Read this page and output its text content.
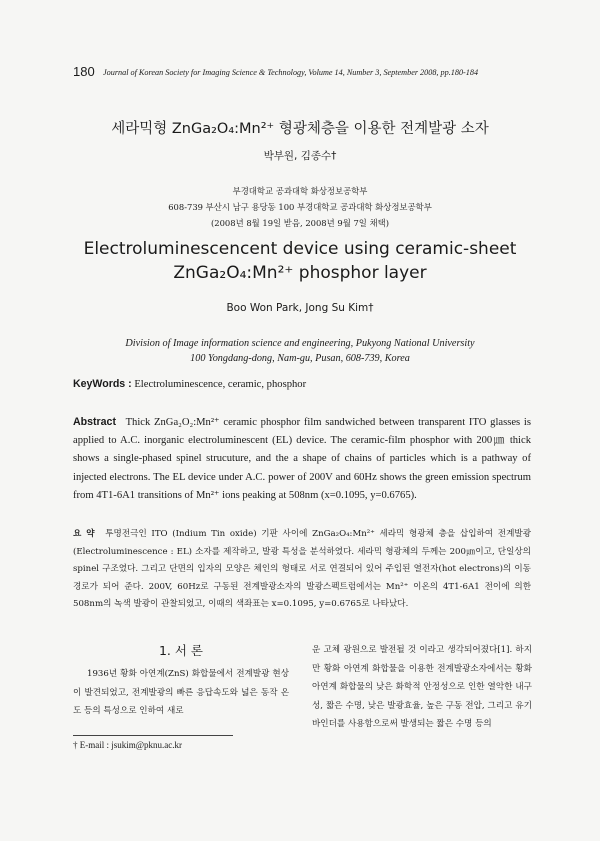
180 Journal of Korean Society for Imaging Science & Technology, Volume 14, Number 3, September 2008, pp.180-184
세라믹형 ZnGa₂O₄:Mn²⁺ 형광체층을 이용한 전계발광 소자
박부원, 김종수†
부경대학교 공과대학 화상정보공학부
608-739 부산시 남구 용당동 100 부경대학교 공과대학 화상정보공학부
(2008년 8월 19일 받음, 2008년 9월 7일 채택)
Electroluminescencent device using ceramic-sheet
ZnGa₂O₄:Mn²⁺ phosphor layer
Boo Won Park, Jong Su Kim†
Division of Image information science and engineering, Pukyong National University
100 Yongdang-dong, Nam-gu, Pusan, 608-739, Korea
KeyWords : Electroluminescence, ceramic, phosphor
Abstract Thick ZnGa₂O₂:Mn²⁺ ceramic phosphor film sandwiched between transparent ITO glasses is applied to A.C. inorganic electroluminescent (EL) device. The ceramic-film phosphor with 200㎛ thick shows a single-phased spinel strucuture, and the a shape of chains of particles which is a pathway of injected electrons. The EL device under A.C. power of 200V and 60Hz shows the green emission spectrum from 4T1-6A1 transitions of Mn²⁺ ions peaking at 508nm (x=0.1095, y=0.6765).
요 약 투명전극인 ITO (Indium Tin oxide) 기판 사이에 ZnGa₂O₄:Mn²⁺ 세라믹 형광체 층을 삽입하여 전계발광 (Electroluminescence : EL) 소자를 제작하고, 발광 특성을 분석하였다. 세라믹 형광체의 두께는 200㎛이고, 단일상의 spinel 구조였다. 그리고 단면의 입자의 모양은 체인의 형태로 서로 연결되어 있어 주입된 열전자(hot electrons)의 이동 경로가 되어 준다. 200V, 60Hz로 구동된 전계발광소자의 발광스펙트럼에서는 Mn²⁺ 이온의 4T1-6A1 전이에 의한 508nm의 녹색 발광이 관찰되었고, 이때의 색좌표는 x=0.1095, y=0.6765로 나타났다.
1. 서 론
1936년 황화 아연계(ZnS) 화합물에서 전계발광 현상이 발견되었고, 전계발광의 빠른 응답속도와 넓은 동작 온도 등의 특성으로 인하여 새로
운 고체 광원으로 발전될 것 이라고 생각되어졌다[1]. 하지만 황화 아연계 화합물을 이용한 전계발광소자에서는 황화 아연계 화합물의 낮은 화학적 안정성으로 인한 열악한 내구성, 짧은 수명, 낮은 발광효율, 높은 구동 전압, 그리고 유기바인더를 사용함으로써 발생되는 짧은 수명 등의
† E-mail : jsukim@pknu.ac.kr
